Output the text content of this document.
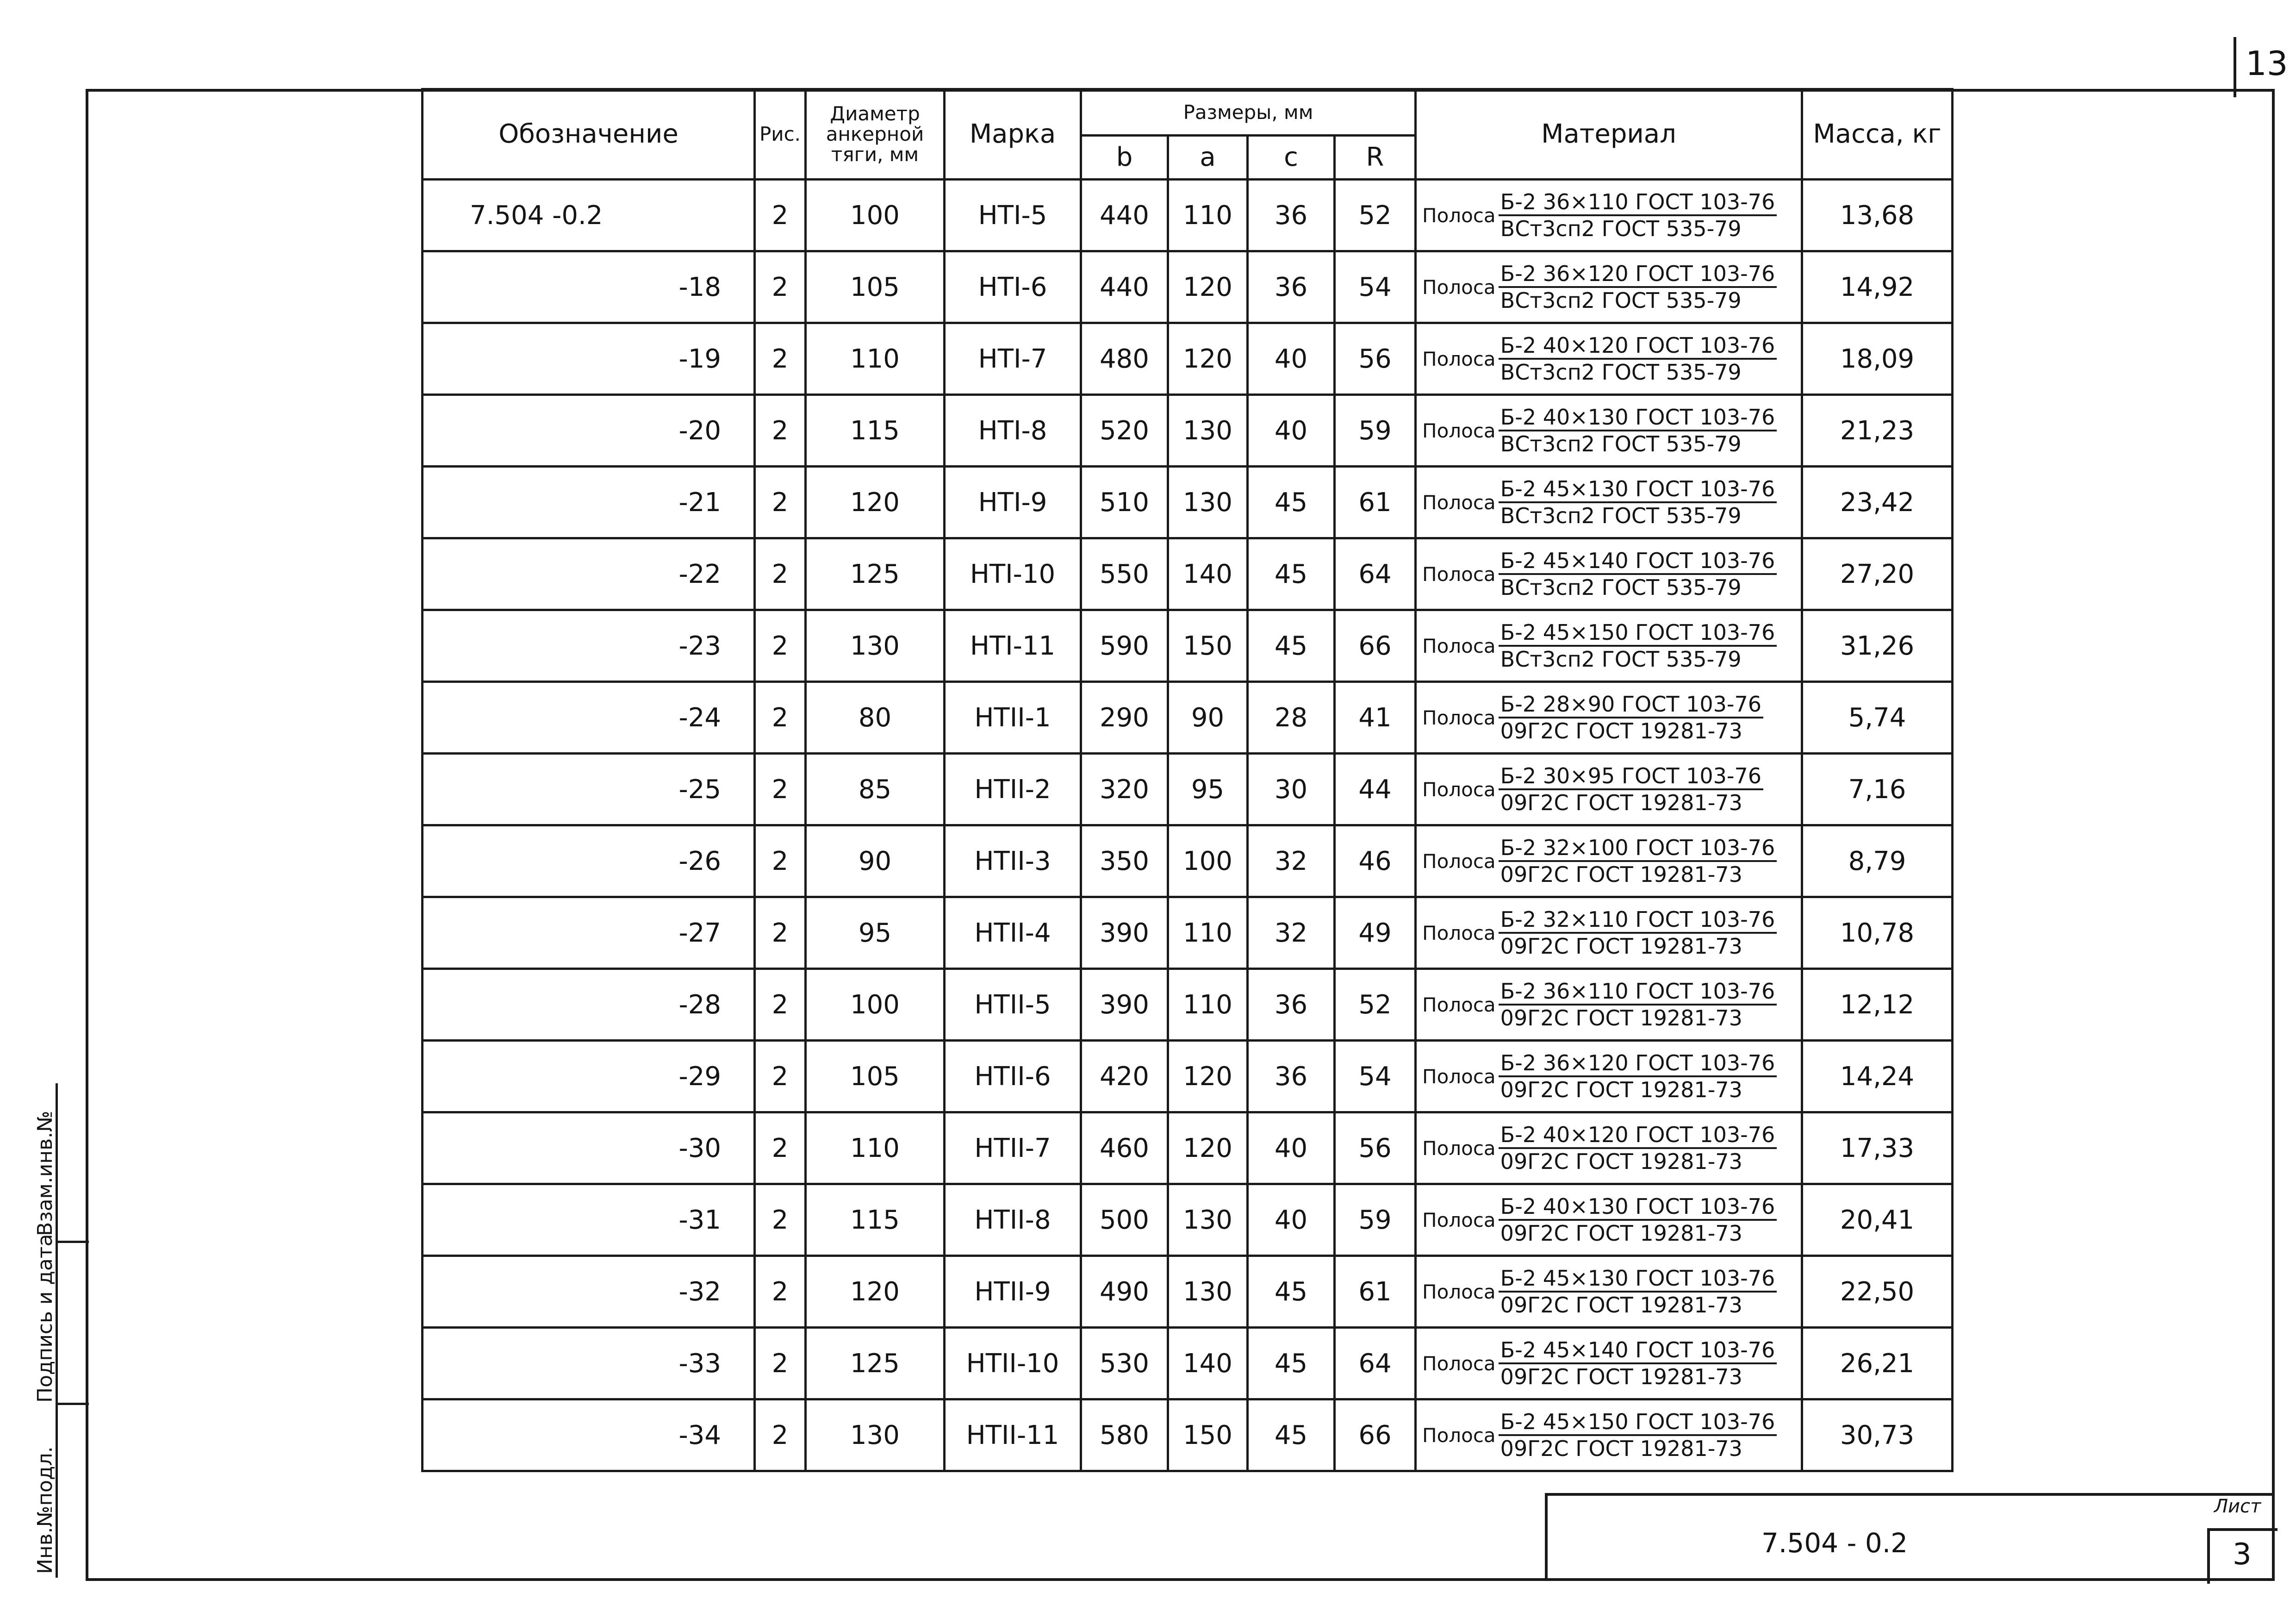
13
Инв.№подл.
Подпись и дата
Взам.инв.№
Обозначение	Рис.	Диаметр анкерной тяги, мм	Марка	Размеры, мм				Материал	Масса, кг
				b	a	c	R		
7.504 -0.2	2	100	HTI-5	440	110	36	52	Полоса $\frac{\text{Б-2 36×110 ГОСТ 103-76}}{\text{ВСт3сп2 ГОСТ 535-79}}$	13,68
-18	2	105	HTI-6	440	120	36	54	Полоса $\frac{\text{Б-2 36×120 ГОСТ 103-76}}{\text{ВСт3сп2 ГОСТ 535-79}}$	14,92
-19	2	110	HTI-7	480	120	40	56	Полоса $\frac{\text{Б-2 40×120 ГОСТ 103-76}}{\text{ВСт3сп2 ГОСТ 535-79}}$	18,09
-20	2	115	HTI-8	520	130	40	59	Полоса $\frac{\text{Б-2 40×130 ГОСТ 103-76}}{\text{ВСт3сп2 ГОСТ 535-79}}$	21,23
-21	2	120	HTI-9	510	130	45	61	Полоса $\frac{\text{Б-2 45×130 ГОСТ 103-76}}{\text{ВСт3сп2 ГОСТ 535-79}}$	23,42
-22	2	125	HTI-10	550	140	45	64	Полоса $\frac{\text{Б-2 45×140 ГОСТ 103-76}}{\text{ВСт3сп2 ГОСТ 535-79}}$	27,20
-23	2	130	HTI-11	590	150	45	66	Полоса $\frac{\text{Б-2 45×150 ГОСТ 103-76}}{\text{ВСт3сп2 ГОСТ 535-79}}$	31,26
-24	2	80	HTII-1	290	90	28	41	Полоса $\frac{\text{Б-2 28×90 ГОСТ 103-76}}{\text{09Г2С ГОСТ 19281-73}}$	5,74
-25	2	85	HTII-2	320	95	30	44	Полоса $\frac{\text{Б-2 30×95 ГОСТ 103-76}}{\text{09Г2С ГОСТ 19281-73}}$	7,16
-26	2	90	HTII-3	350	100	32	46	Полоса $\frac{\text{Б-2 32×100 ГОСТ 103-76}}{\text{09Г2С ГОСТ 19281-73}}$	8,79
-27	2	95	HTII-4	390	110	32	49	Полоса $\frac{\text{Б-2 32×110 ГОСТ 103-76}}{\text{09Г2С ГОСТ 19281-73}}$	10,78
-28	2	100	HTII-5	390	110	36	52	Полоса $\frac{\text{Б-2 36×110 ГОСТ 103-76}}{\text{09Г2С ГОСТ 19281-73}}$	12,12
-29	2	105	HTII-6	420	120	36	54	Полоса $\frac{\text{Б-2 36×120 ГОСТ 103-76}}{\text{09Г2С ГОСТ 19281-73}}$	14,24
-30	2	110	HTII-7	460	120	40	56	Полоса $\frac{\text{Б-2 40×120 ГОСТ 103-76}}{\text{09Г2С ГОСТ 19281-73}}$	17,33
-31	2	115	HTII-8	500	130	40	59	Полоса $\frac{\text{Б-2 40×130 ГОСТ 103-76}}{\text{09Г2С ГОСТ 19281-73}}$	20,41
-32	2	120	HTII-9	490	130	45	61	Полоса $\frac{\text{Б-2 45×130 ГОСТ 103-76}}{\text{09Г2С ГОСТ 19281-73}}$	22,50
-33	2	125	HTII-10	530	140	45	64	Полоса $\frac{\text{Б-2 45×140 ГОСТ 103-76}}{\text{09Г2С ГОСТ 19281-73}}$	26,21
-34	2	130	HTII-11	580	150	45	66	Полоса $\frac{\text{Б-2 45×150 ГОСТ 103-76}}{\text{09Г2С ГОСТ 19281-73}}$	30,73
7.504 - 0.2
Лист
3
